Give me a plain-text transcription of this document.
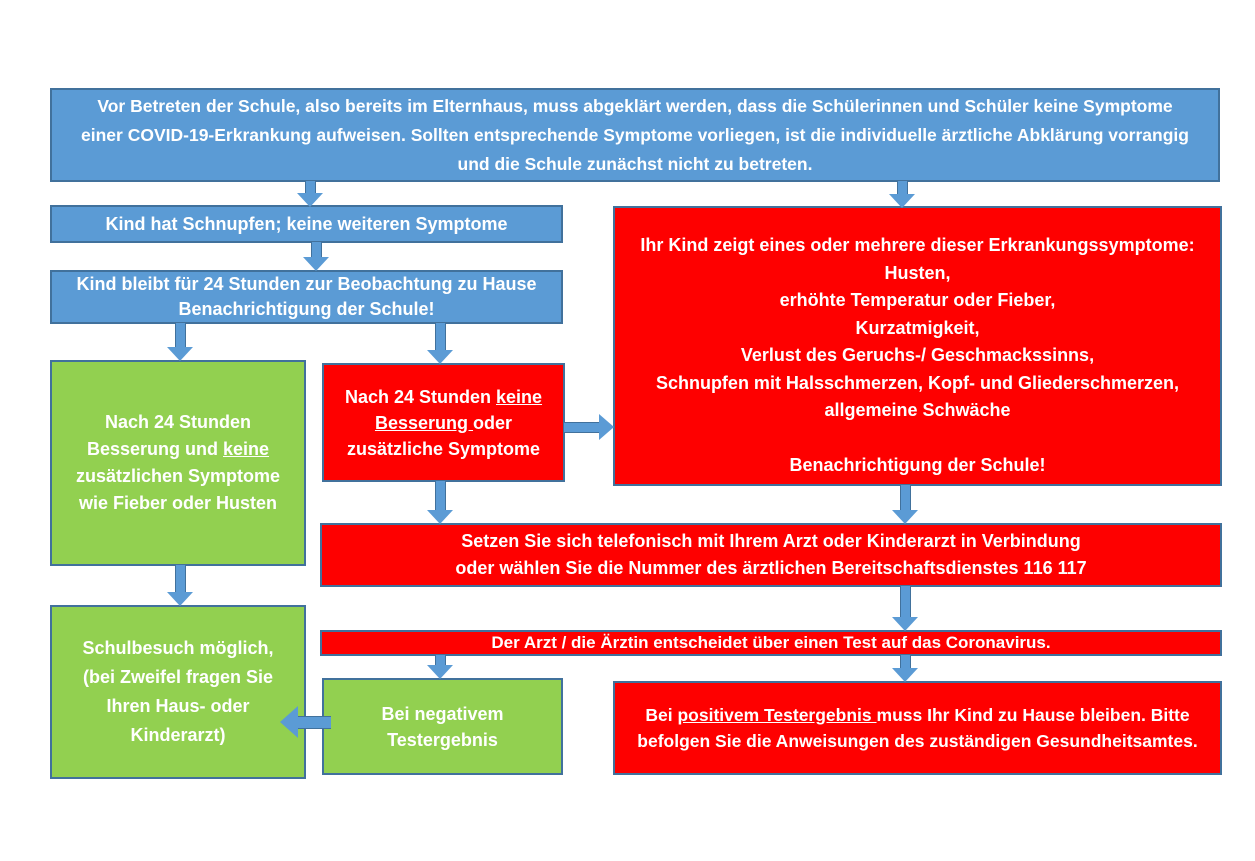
Vor Betreten der Schule, also bereits im Elternhaus, muss abgeklärt werden, dass die Schülerinnen und Schüler keine Symptome einer COVID-19-Erkrankung aufweisen. Sollten entsprechende Symptome vorliegen, ist die individuelle ärztliche Abklärung vorrangig und die Schule zunächst nicht zu betreten.
Kind hat Schnupfen; keine weiteren Symptome
Kind bleibt für 24 Stunden zur Beobachtung zu Hause
Benachrichtigung der Schule!
Nach 24 Stunden Besserung und keine zusätzlichen Symptome wie Fieber oder Husten
Nach 24 Stunden keine Besserung oder zusätzliche Symptome
Ihr Kind zeigt eines oder mehrere dieser Erkrankungssymptome:
Husten,
erhöhte Temperatur oder Fieber,
Kurzatmigkeit,
Verlust des Geruchs-/ Geschmackssinns,
Schnupfen mit Halsschmerzen, Kopf- und Gliederschmerzen,
allgemeine Schwäche
Benachrichtigung der Schule!
Setzen Sie sich telefonisch mit Ihrem Arzt oder Kinderarzt in Verbindung
oder wählen Sie die Nummer des ärztlichen Bereitschaftsdienstes 116 117
Der Arzt / die Ärztin entscheidet über einen Test auf das Coronavirus.
Schulbesuch möglich, (bei Zweifel fragen Sie Ihren Haus- oder Kinderarzt)
Bei negativem Testergebnis
Bei positivem Testergebnis muss Ihr Kind zu Hause bleiben. Bitte befolgen Sie die Anweisungen des zuständigen Gesundheitsamtes.
